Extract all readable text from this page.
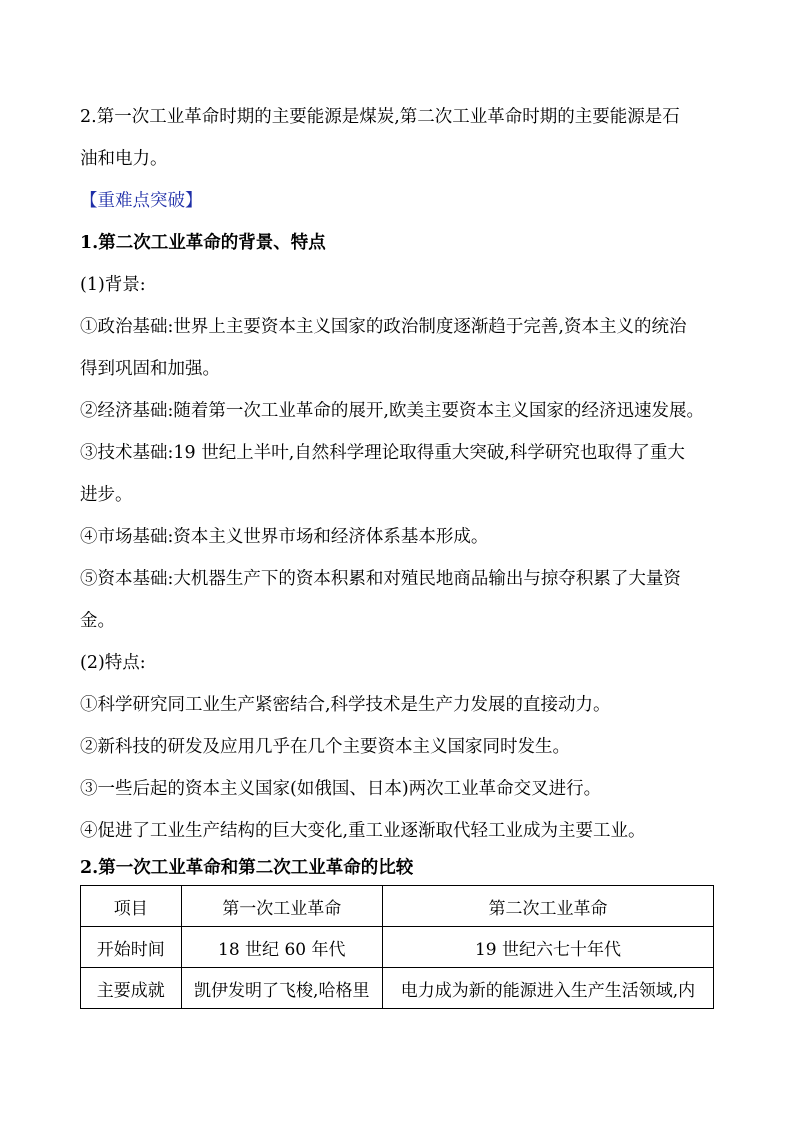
2.第一次工业革命时期的主要能源是煤炭,第二次工业革命时期的主要能源是石
油和电力。
【重难点突破】
1.第二次工业革命的背景、特点
(1)背景:
①政治基础:世界上主要资本主义国家的政治制度逐渐趋于完善,资本主义的统治
得到巩固和加强。
②经济基础:随着第一次工业革命的展开,欧美主要资本主义国家的经济迅速发展。
③技术基础:19 世纪上半叶,自然科学理论取得重大突破,科学研究也取得了重大
进步。
④市场基础:资本主义世界市场和经济体系基本形成。
⑤资本基础:大机器生产下的资本积累和对殖民地商品输出与掠夺积累了大量资
金。
(2)特点:
①科学研究同工业生产紧密结合,科学技术是生产力发展的直接动力。
②新科技的研发及应用几乎在几个主要资本主义国家同时发生。
③一些后起的资本主义国家(如俄国、日本)两次工业革命交叉进行。
④促进了工业生产结构的巨大变化,重工业逐渐取代轻工业成为主要工业。
2.第一次工业革命和第二次工业革命的比较
项目	第一次工业革命	第二次工业革命
开始时间	18 世纪 60 年代	19 世纪六七十年代
主要成就	凯伊发明了飞梭,哈格里	电力成为新的能源进入生产生活领域,内
